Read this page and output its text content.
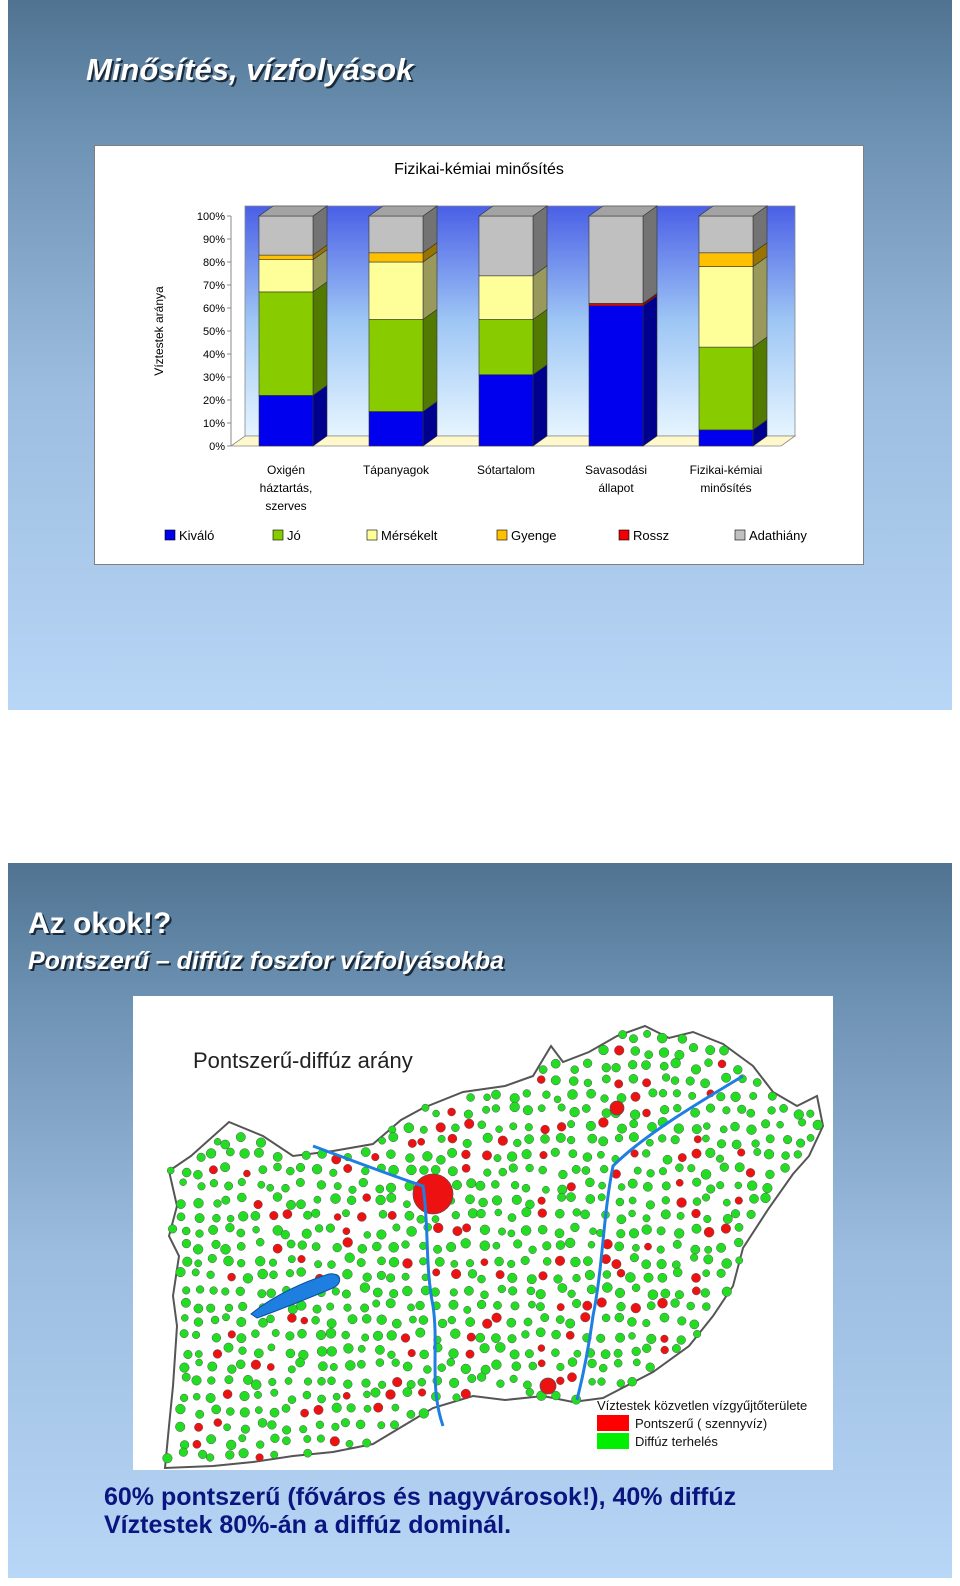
Minősítés, vízfolyások
Fizikai-kémiai minősítés
Víztestek aránya
0%
10%
20%
30%
40%
50%
60%
70%
80%
90%
100%
Oxigén
háztartás,
szerves
Tápanyagok	Sótartalom	Savasodási
állapot
Fizikai-kémiai
minősítés
Kiváló	Jó	Mérsékelt	Gyenge	Rossz	Adathiány
Az okok!?
Pontszerű – diffúz foszfor vízfolyásokba
Pontszerű-diffúz arány
Víztestek közvetlen vízgyűjtőterülete
Pontszerű ( szennyvíz)
Diffúz terhelés
60% pontszerű (főváros és nagyvárosok!), 40% diffúz
Víztestek 80%-án a diffúz dominál.
